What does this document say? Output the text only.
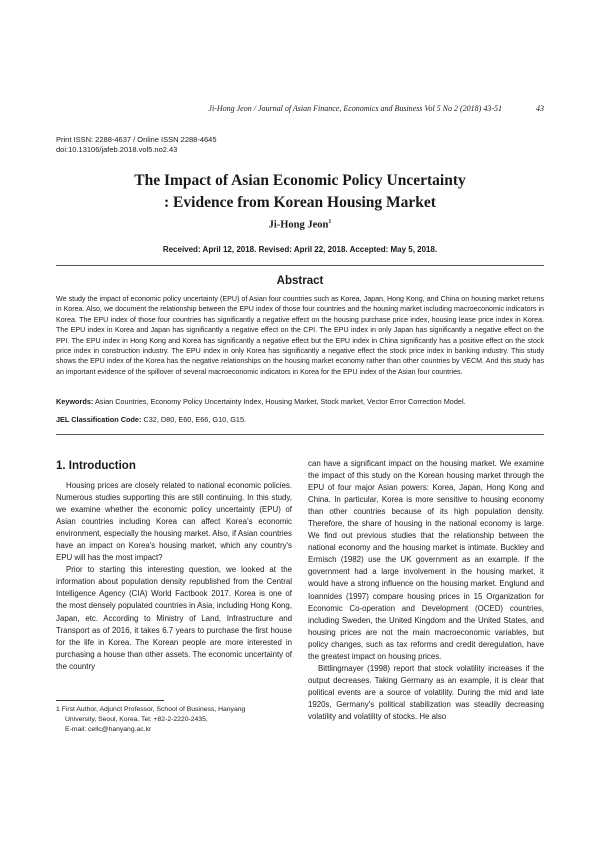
Ji-Hong Jeon / Journal of Asian Finance, Economics and Business Vol 5 No 2 (2018) 43-51	43
Print ISSN: 2288-4637 / Online ISSN 2288-4645
doi:10.13106/jafeb.2018.vol5.no2.43
The Impact of Asian Economic Policy Uncertainty
: Evidence from Korean Housing Market
Ji-Hong Jeon$^1$
Received: April 12, 2018. Revised: April 22, 2018. Accepted: May 5, 2018.
Abstract
We study the impact of economic policy uncertainty (EPU) of Asian four countries such as Korea, Japan, Hong Kong, and China on housing market returns in Korea. Also, we document the relationship between the EPU index of those four countries and the housing market including macroeconomic indicators in Korea. The EPU index of those four countries has significantly a negative effect on the housing purchase price index, housing lease price index in Korea. The EPU index in Korea and Japan has significantly a negative effect on the CPI. The EPU index in only Japan has significantly a negative effect on the PPI. The EPU index in Hong Kong and Korea has significantly a negative effect but the EPU index in China significantly has a positive effect on the stock price index in construction industry. The EPU index in only Korea has significantly a negative effect the stock price index in banking industry. This study shows the EPU index of the Korea has the negative relationships on the housing market economy rather than other countries by VECM. And this study has an important evidence of the spillover of several macroeconomic indicators in Korea for the EPU index of the Asian four countries.
Keywords: Asian Countries, Economy Policy Uncertainty Index, Housing Market, Stock market, Vector Error Correction Model.
JEL Classification Code: C32, D80, E60, E66, G10, G15.
1. Introduction

Housing prices are closely related to national economic policies. Numerous studies supporting this are still continuing. In this study, we examine whether the economic policy uncertainty (EPU) of Asian countries including Korea can affect Korea's economic environment, especially the housing market. Also, if Asian countries have an impact on Korea's housing market, which any country's EPU will has the most impact?

Prior to starting this interesting question, we looked at the information about population density republished from the Central Intelligence Agency (CIA) World Factbook 2017. Korea is one of the most densely populated countries in Asia, including Hong Kong, Japan, etc. According to Ministry of Land, Infrastructure and Transport as of 2016, it takes 6.7 years to purchase the first house for the life in Korea. The Korean people are more interested in purchasing a house than other assets. The economic uncertainty of the country

can have a significant impact on the housing market. We examine the impact of this study on the Korean housing market through the EPU of four major Asian powers: Korea, Japan, Hong Kong and China. In particular, Korea is more sensitive to housing economy than other countries because of its high population density. Therefore, the share of housing in the national economy is large. We find out previous studies that the relationship between the national economy and the housing market is intimate. Buckley and Ermisch (1982) use the UK government as an example. If the government had a large involvement in the housing market, it would have a strong influence on the housing market. Englund and Ioannides (1997) compare housing prices in 15 Organization for Economic Co-operation and Development (OCED) countries, including Sweden, the United Kingdom and the United States, and housing prices are not the main macroeconomic variables, but policy changes, such as tax reforms and credit deregulation, have the greatest impact on housing prices.

Bittlingmayer (1998) report that stock volatility increases if the output decreases. Taking Germany as an example, it is clear that political events are a source of volatility. During the mid and late 1920s, Germany's political stabilization was steadily decreasing volatility and volatility of stocks. He also

1 First Author, Adjunct Professor, School of Business, Hanyang
University, Seoul, Korea. Tel: +82-2-2220-2435,
E-mail: cellc@hanyang.ac.kr
